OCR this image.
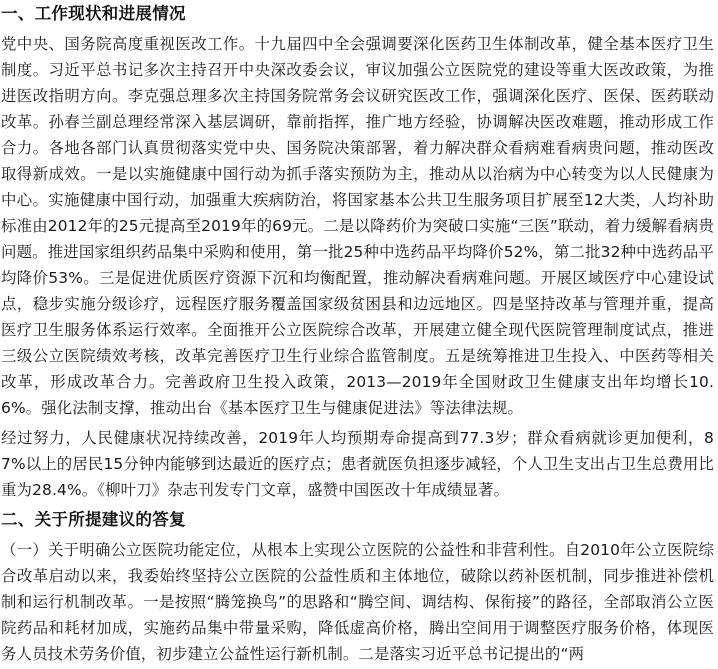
一、工作现状和进展情况

党中央、国务院高度重视医改工作。十九届四中全会强调要深化医药卫生体制改革，健全基本医疗卫生制度。习近平总书记多次主持召开中央深改委会议，审议加强公立医院党的建设等重大医改政策，为推进医改指明方向。李克强总理多次主持国务院常务会议研究医改工作，强调深化医疗、医保、医药联动改革。孙春兰副总理经常深入基层调研，靠前指挥，推广地方经验，协调解决医改难题，推动形成工作合力。各地各部门认真贯彻落实党中央、国务院决策部署，着力解决群众看病难看病贵问题，推动医改取得新成效。一是以实施健康中国行动为抓手落实预防为主，推动从以治病为中心转变为以人民健康为中心。实施健康中国行动，加强重大疾病防治，将国家基本公共卫生服务项目扩展至12大类，人均补助标准由2012年的25元提高至2019年的69元。二是以降药价为突破口实施“三医”联动，着力缓解看病贵问题。推进国家组织药品集中采购和使用，第一批25种中选药品平均降价52%，第二批32种中选药品平均降价53%。三是促进优质医疗资源下沉和均衡配置，推动解决看病难问题。开展区域医疗中心建设试点，稳步实施分级诊疗，远程医疗服务覆盖国家级贫困县和边远地区。四是坚持改革与管理并重，提高医疗卫生服务体系运行效率。全面推开公立医院综合改革，开展建立健全现代医院管理制度试点，推进三级公立医院绩效考核，改革完善医疗卫生行业综合监管制度。五是统筹推进卫生投入、中医药等相关改革，形成改革合力。完善政府卫生投入政策，2013—2019年全国财政卫生健康支出年均增长10.6%。强化法制支撑，推动出台《基本医疗卫生与健康促进法》等法律法规。

经过努力，人民健康状况持续改善，2019年人均预期寿命提高到77.3岁；群众看病就诊更加便利，87%以上的居民15分钟内能够到达最近的医疗点；患者就医负担逐步减轻，个人卫生支出占卫生总费用比重为28.4%。《柳叶刀》杂志刊发专门文章，盛赞中国医改十年成绩显著。

二、关于所提建议的答复

（一）关于明确公立医院功能定位，从根本上实现公立医院的公益性和非营利性。自2010年公立医院综合改革启动以来，我委始终坚持公立医院的公益性质和主体地位，破除以药补医机制，同步推进补偿机制和运行机制改革。一是按照“腾笼换鸟”的思路和“腾空间、调结构、保衔接”的路径，全部取消公立医院药品和耗材加成，实施药品集中带量采购，降低虚高价格，腾出空间用于调整医疗服务价格，体现医务人员技术劳务价值，初步建立公益性运行新机制。二是落实习近平总书记提出的“两
